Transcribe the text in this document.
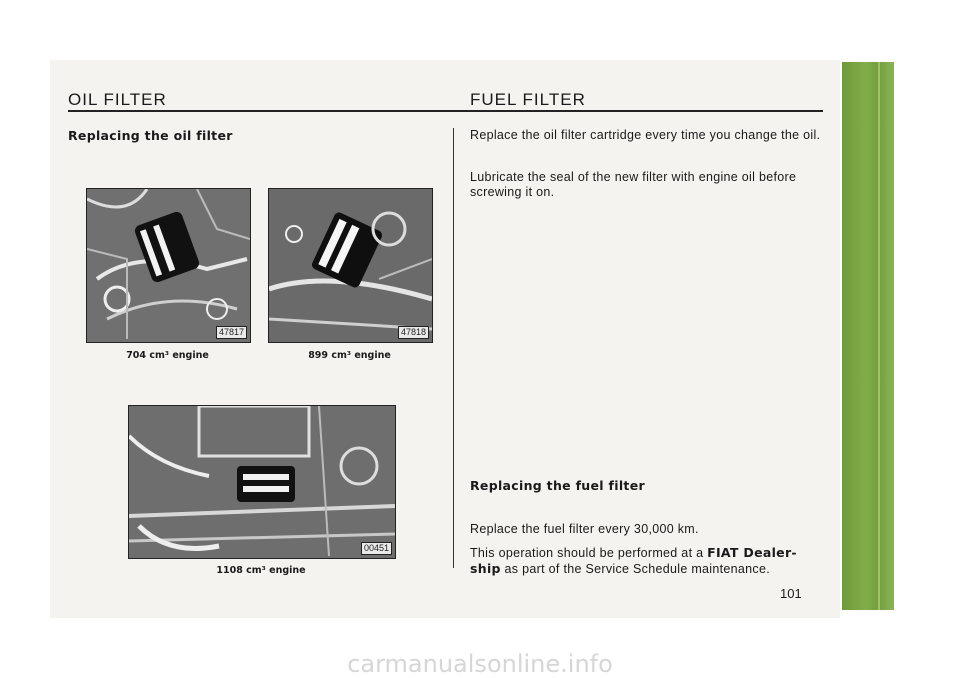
OIL FILTER	FUEL FILTER
Replacing the oil filter
47817
704 cm³ engine
47818
899 cm³ engine
00451
1108 cm³ engine
Replace the oil filter cartridge every time you change the oil.
Lubricate the seal of the new filter with engine oil before screwing it on.
Replacing the fuel filter
Replace the fuel filter every 30,000 km.
This operation should be performed at a FIAT Dealer-ship as part of the Service Schedule maintenance.
101
carmanualsonline.info
